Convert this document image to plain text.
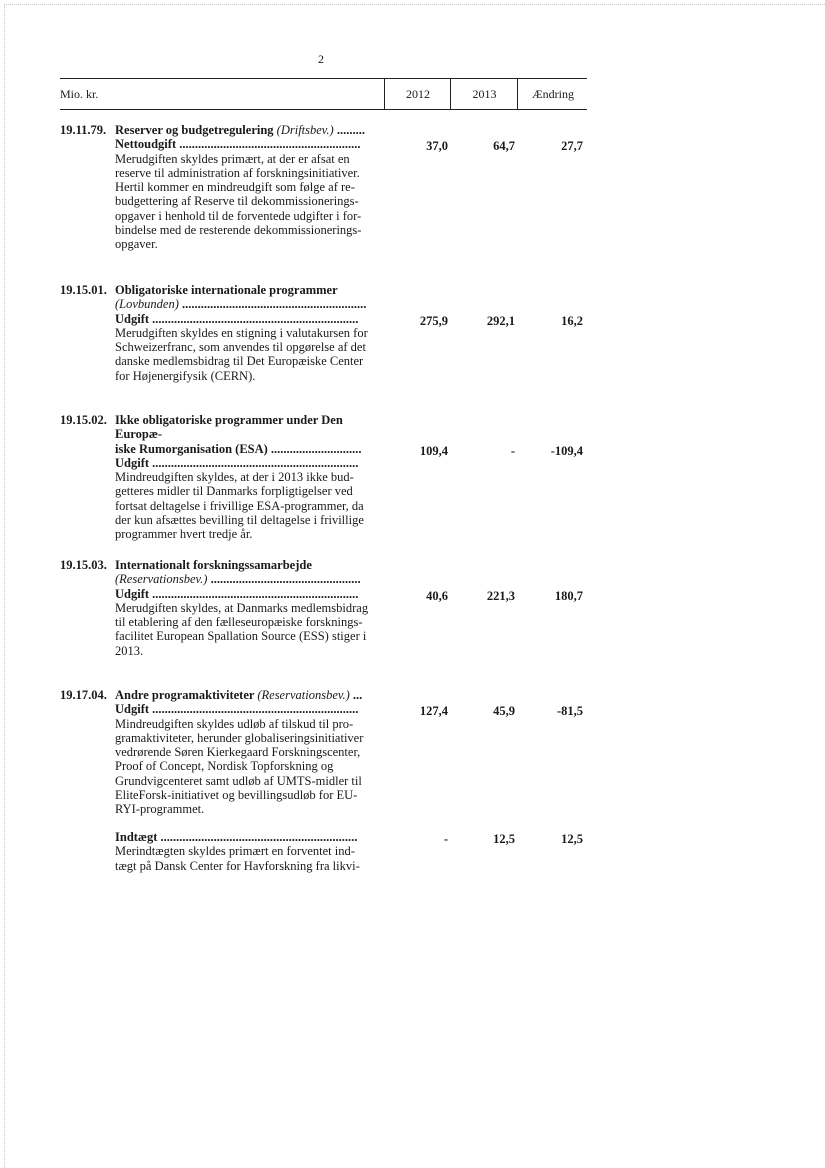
2
Mio. kr.	2012	2013	Ændring
19.11.79. Reserver og budgetregulering (Driftsbev.) .........
Nettoudgift ..........................................................
Merudgiften skyldes primært, at der er afsat en
reserve til administration af forskningsinitiativer.
Hertil kommer en mindreudgift som følge af re-
budgettering af Reserve til dekommissionerings-
opgaver i henhold til de forventede udgifter i for-
bindelse med de resterende dekommissionerings-
opgaver.
37,0	64,7	27,7
19.15.01. Obligatoriske internationale programmer
(Lovbunden) ...........................................................
Udgift ..................................................................
Merudgiften skyldes en stigning i valutakursen for
Schweizerfranc, som anvendes til opgørelse af det
danske medlemsbidrag til Det Europæiske Center
for Højenergifysik (CERN).
275,9	292,1	16,2
19.15.02. Ikke obligatoriske programmer under Den Europæ-
iske Rumorganisation (ESA) .............................
Udgift ..................................................................
Mindreudgiften skyldes, at der i 2013 ikke bud-
getteres midler til Danmarks forpligtigelser ved
fortsat deltagelse i frivillige ESA-programmer, da
der kun afsættes bevilling til deltagelse i frivillige
programmer hvert tredje år.
109,4	-	-109,4
19.15.03. Internationalt forskningssamarbejde
(Reservationsbev.) ................................................
Udgift ..................................................................
Merudgiften skyldes, at Danmarks medlemsbidrag
til etablering af den fælleseuropæiske forsknings-
facilitet European Spallation Source (ESS) stiger i
2013.
40,6	221,3	180,7
19.17.04. Andre programaktiviteter (Reservationsbev.) ...
Udgift ..................................................................
Mindreudgiften skyldes udløb af tilskud til pro-
gramaktiviteter, herunder globaliseringsinitiativer
vedrørende Søren Kierkegaard Forskningscenter,
Proof of Concept, Nordisk Topforskning og
Grundvigcenteret samt udløb af UMTS-midler til
EliteForsk-initiativet og bevillingsudløb for EU-
RYI-programmet.
127,4	45,9	-81,5
Indtægt ...............................................................
Merindtægten skyldes primært en forventet ind-
tægt på Dansk Center for Havforskning fra likvi-
-	12,5	12,5
